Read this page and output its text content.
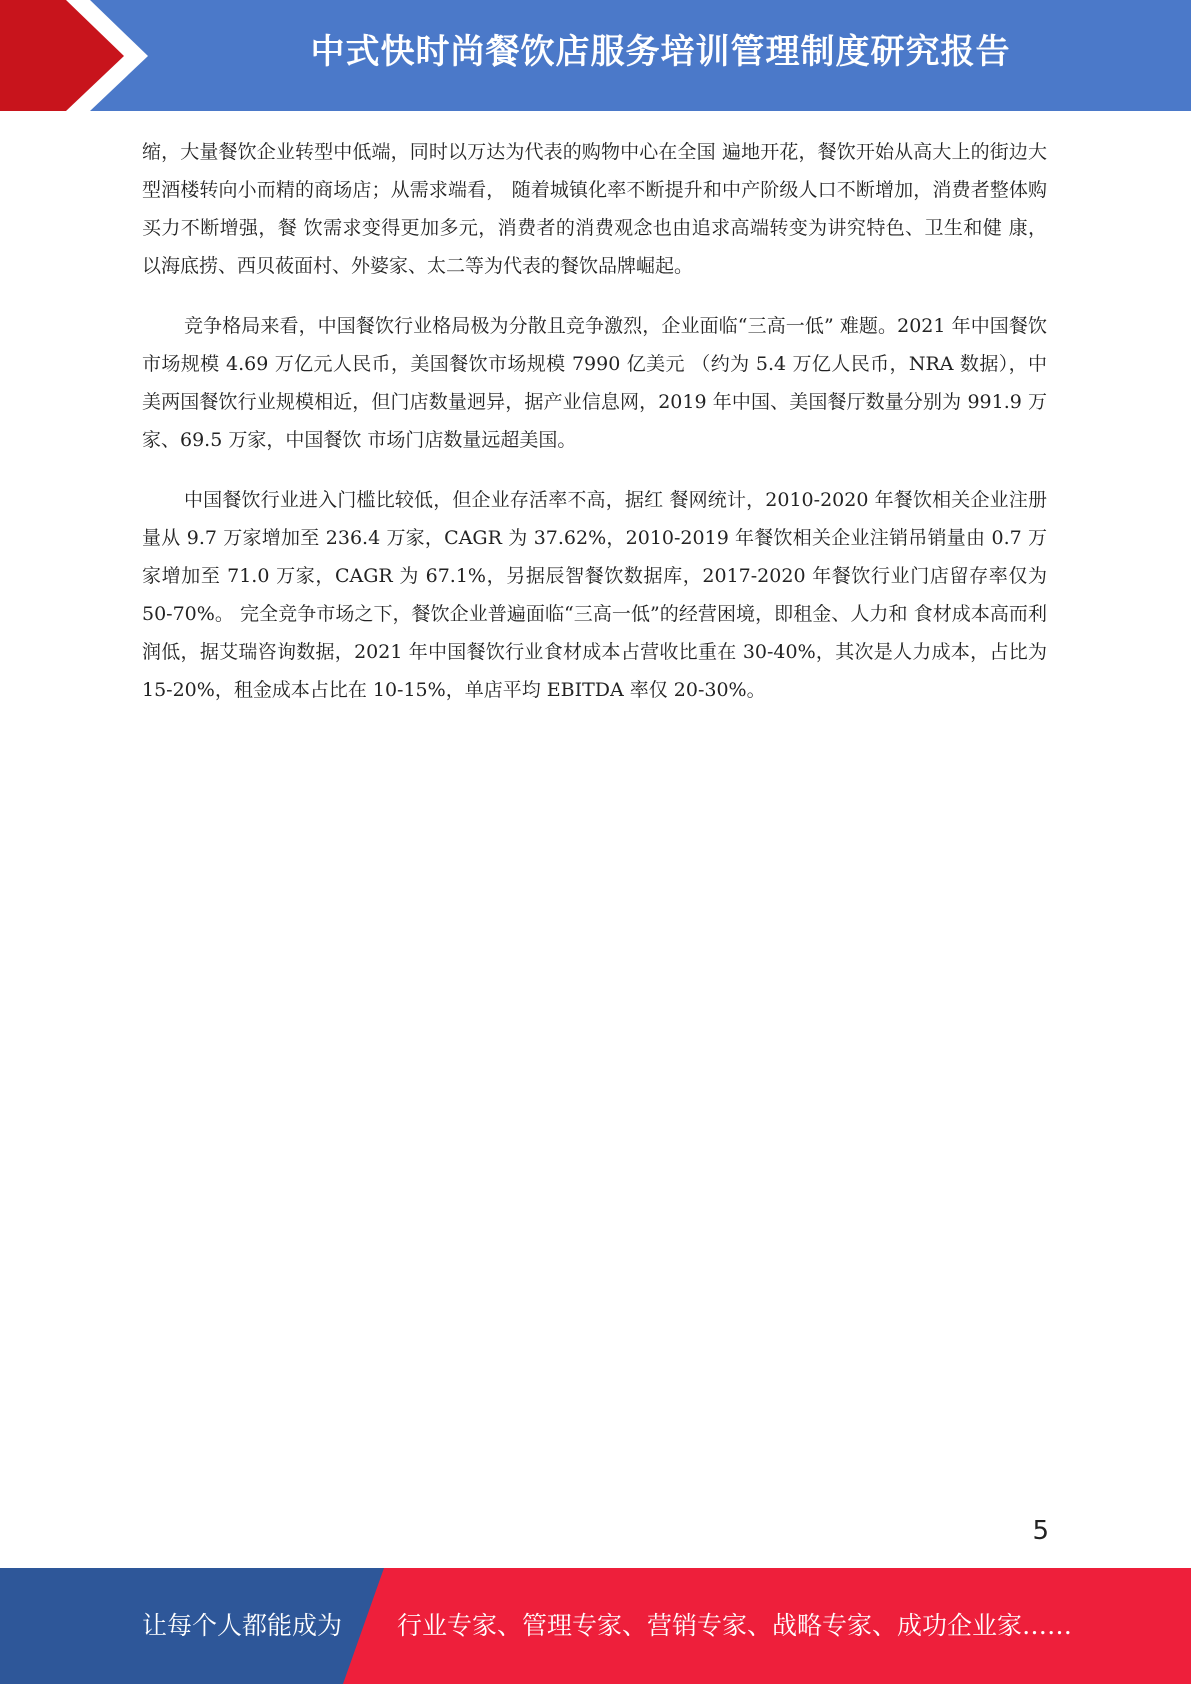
中式快时尚餐饮店服务培训管理制度研究报告

缩，大量餐饮企业转型中低端，同时以万达为代表的购物中心在全国 遍地开花，餐饮开始从高大上的街边大型酒楼转向小而精的商场店；从需求端看， 随着城镇化率不断提升和中产阶级人口不断增加，消费者整体购买力不断增强，餐 饮需求变得更加多元，消费者的消费观念也由追求高端转变为讲究特色、卫生和健 康，以海底捞、西贝莜面村、外婆家、太二等为代表的餐饮品牌崛起。

竞争格局来看，中国餐饮行业格局极为分散且竞争激烈，企业面临“三高一低” 难题。2021 年中国餐饮市场规模 4.69 万亿元人民币，美国餐饮市场规模 7990 亿美元 （约为 5.4 万亿人民币，NRA 数据），中美两国餐饮行业规模相近，但门店数量迥异，据产业信息网，2019 年中国、美国餐厅数量分别为 991.9 万家、69.5 万家，中国餐饮 市场门店数量远超美国。

中国餐饮行业进入门槛比较低，但企业存活率不高，据红 餐网统计，2010-2020 年餐饮相关企业注册量从 9.7 万家增加至 236.4 万家，CAGR 为 37.62%，2010-2019 年餐饮相关企业注销吊销量由 0.7 万家增加至 71.0 万家，CAGR 为 67.1%，另据辰智餐饮数据库，2017-2020 年餐饮行业门店留存率仅为 50-70%。 完全竞争市场之下，餐饮企业普遍面临“三高一低”的经营困境，即租金、人力和 食材成本高而利润低，据艾瑞咨询数据，2021 年中国餐饮行业食材成本占营收比重在 30-40%，其次是人力成本，占比为 15-20%，租金成本占比在 10-15%，单店平均 EBITDA 率仅 20-30%。

5
让每个人都能成为 行业专家、管理专家、营销专家、战略专家、成功企业家……
